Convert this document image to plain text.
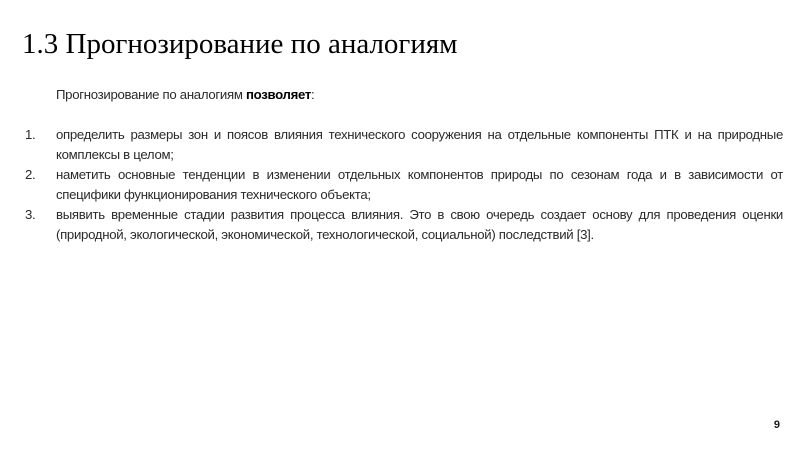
1.3 Прогнозирование по аналогиям
Прогнозирование по аналогиям позволяет:
1.	определить размеры зон и поясов влияния технического сооружения на отдельные компоненты ПТК и на природные комплексы в целом;
2.	наметить основные тенденции в изменении отдельных компонентов природы по сезонам года и в зависимости от специфики функционирования технического объекта;
3.	выявить временные стадии развития процесса влияния. Это в свою очередь создает основу для проведения оценки (природной, экологической, экономической, технологической, социальной) последствий [3].
9
